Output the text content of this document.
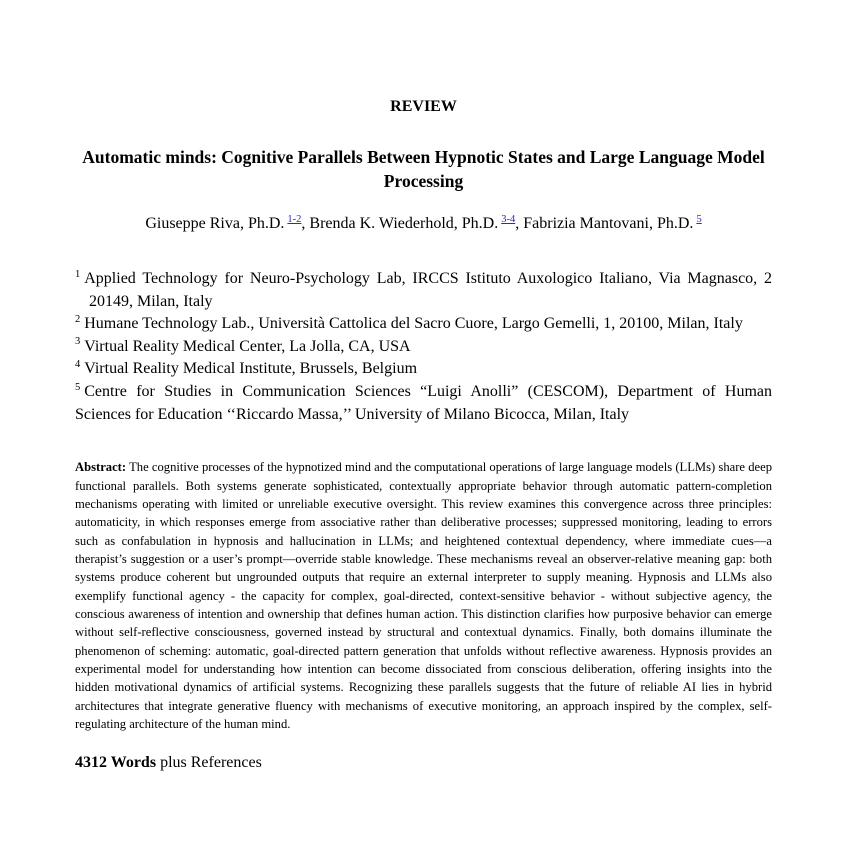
REVIEW

Automatic minds: Cognitive Parallels Between Hypnotic States and Large Language Model Processing

Giuseppe Riva, Ph.D. $^{1-2}$, Brenda K. Wiederhold, Ph.D. $^{3-4}$, Fabrizia Mantovani, Ph.D. $^5$

$^1$ Applied Technology for Neuro-Psychology Lab, IRCCS Istituto Auxologico Italiano, Via Magnasco, 2 20149, Milan, Italy

$^2$ Humane Technology Lab., Università Cattolica del Sacro Cuore, Largo Gemelli, 1, 20100, Milan, Italy

$^3$ Virtual Reality Medical Center, La Jolla, CA, USA

$^4$ Virtual Reality Medical Institute, Brussels, Belgium

$^5$ Centre for Studies in Communication Sciences “Luigi Anolli” (CESCOM), Department of Human Sciences for Education ‘‘Riccardo Massa,’’ University of Milano Bicocca, Milan, Italy

Abstract: The cognitive processes of the hypnotized mind and the computational operations of large language models (LLMs) share deep functional parallels. Both systems generate sophisticated, contextually appropriate behavior through automatic pattern-completion mechanisms operating with limited or unreliable executive oversight. This review examines this convergence across three principles: automaticity, in which responses emerge from associative rather than deliberative processes; suppressed monitoring, leading to errors such as confabulation in hypnosis and hallucination in LLMs; and heightened contextual dependency, where immediate cues—a therapist’s suggestion or a user’s prompt—override stable knowledge. These mechanisms reveal an observer-relative meaning gap: both systems produce coherent but ungrounded outputs that require an external interpreter to supply meaning. Hypnosis and LLMs also exemplify functional agency - the capacity for complex, goal-directed, context-sensitive behavior - without subjective agency, the conscious awareness of intention and ownership that defines human action. This distinction clarifies how purposive behavior can emerge without self-reflective consciousness, governed instead by structural and contextual dynamics. Finally, both domains illuminate the phenomenon of scheming: automatic, goal-directed pattern generation that unfolds without reflective awareness. Hypnosis provides an experimental model for understanding how intention can become dissociated from conscious deliberation, offering insights into the hidden motivational dynamics of artificial systems. Recognizing these parallels suggests that the future of reliable AI lies in hybrid architectures that integrate generative fluency with mechanisms of executive monitoring, an approach inspired by the complex, self-regulating architecture of the human mind.

4312 Words plus References
